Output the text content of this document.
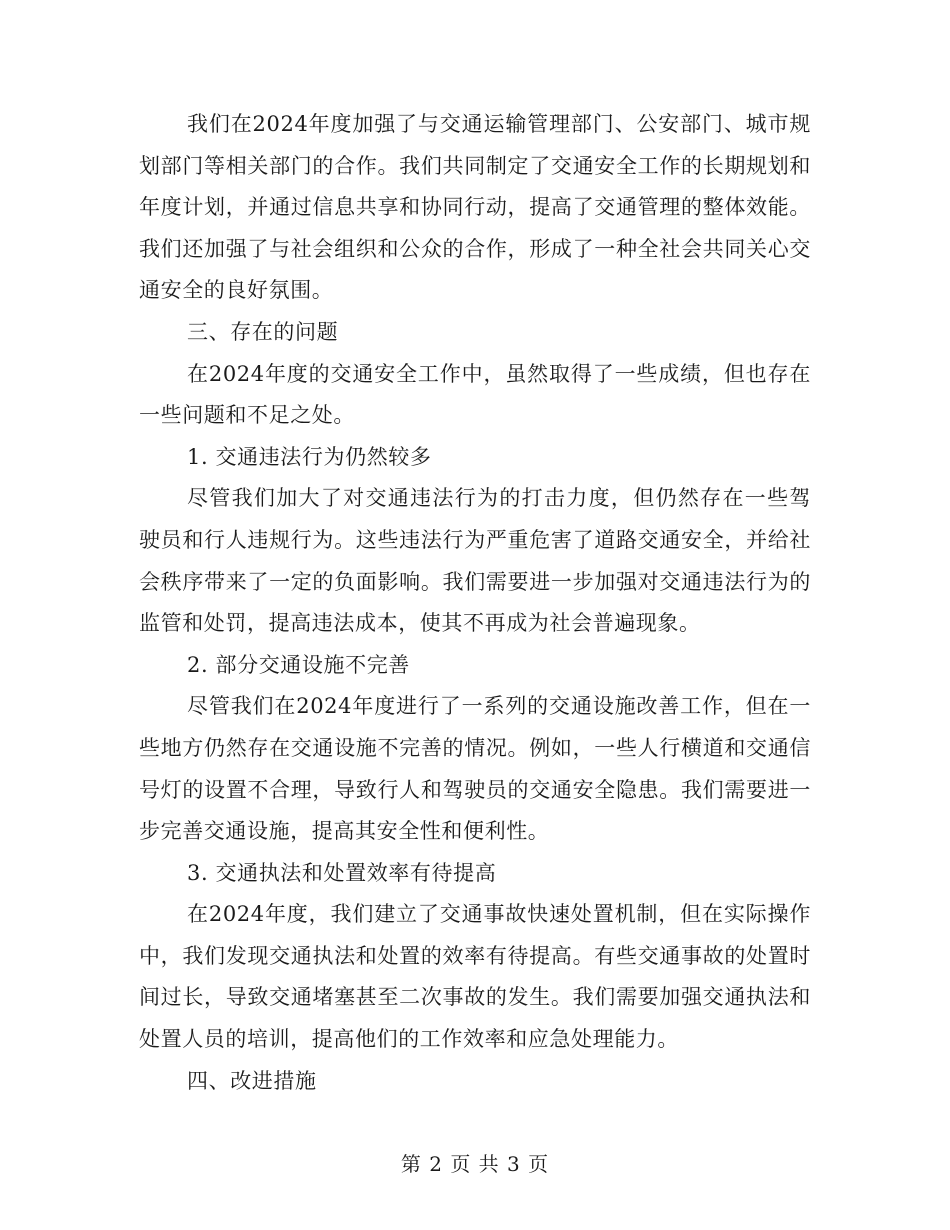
我们在2024年度加强了与交通运输管理部门、公安部门、城市规划部门等相关部门的合作。我们共同制定了交通安全工作的长期规划和年度计划，并通过信息共享和协同行动，提高了交通管理的整体效能。我们还加强了与社会组织和公众的合作，形成了一种全社会共同关心交通安全的良好氛围。

三、存在的问题

在2024年度的交通安全工作中，虽然取得了一些成绩，但也存在一些问题和不足之处。

1. 交通违法行为仍然较多

尽管我们加大了对交通违法行为的打击力度，但仍然存在一些驾驶员和行人违规行为。这些违法行为严重危害了道路交通安全，并给社会秩序带来了一定的负面影响。我们需要进一步加强对交通违法行为的监管和处罚，提高违法成本，使其不再成为社会普遍现象。

2. 部分交通设施不完善

尽管我们在2024年度进行了一系列的交通设施改善工作，但在一些地方仍然存在交通设施不完善的情况。例如，一些人行横道和交通信号灯的设置不合理，导致行人和驾驶员的交通安全隐患。我们需要进一步完善交通设施，提高其安全性和便利性。

3. 交通执法和处置效率有待提高

在2024年度，我们建立了交通事故快速处置机制，但在实际操作中，我们发现交通执法和处置的效率有待提高。有些交通事故的处置时间过长，导致交通堵塞甚至二次事故的发生。我们需要加强交通执法和处置人员的培训，提高他们的工作效率和应急处理能力。

四、改进措施

第 2 页 共 3 页
